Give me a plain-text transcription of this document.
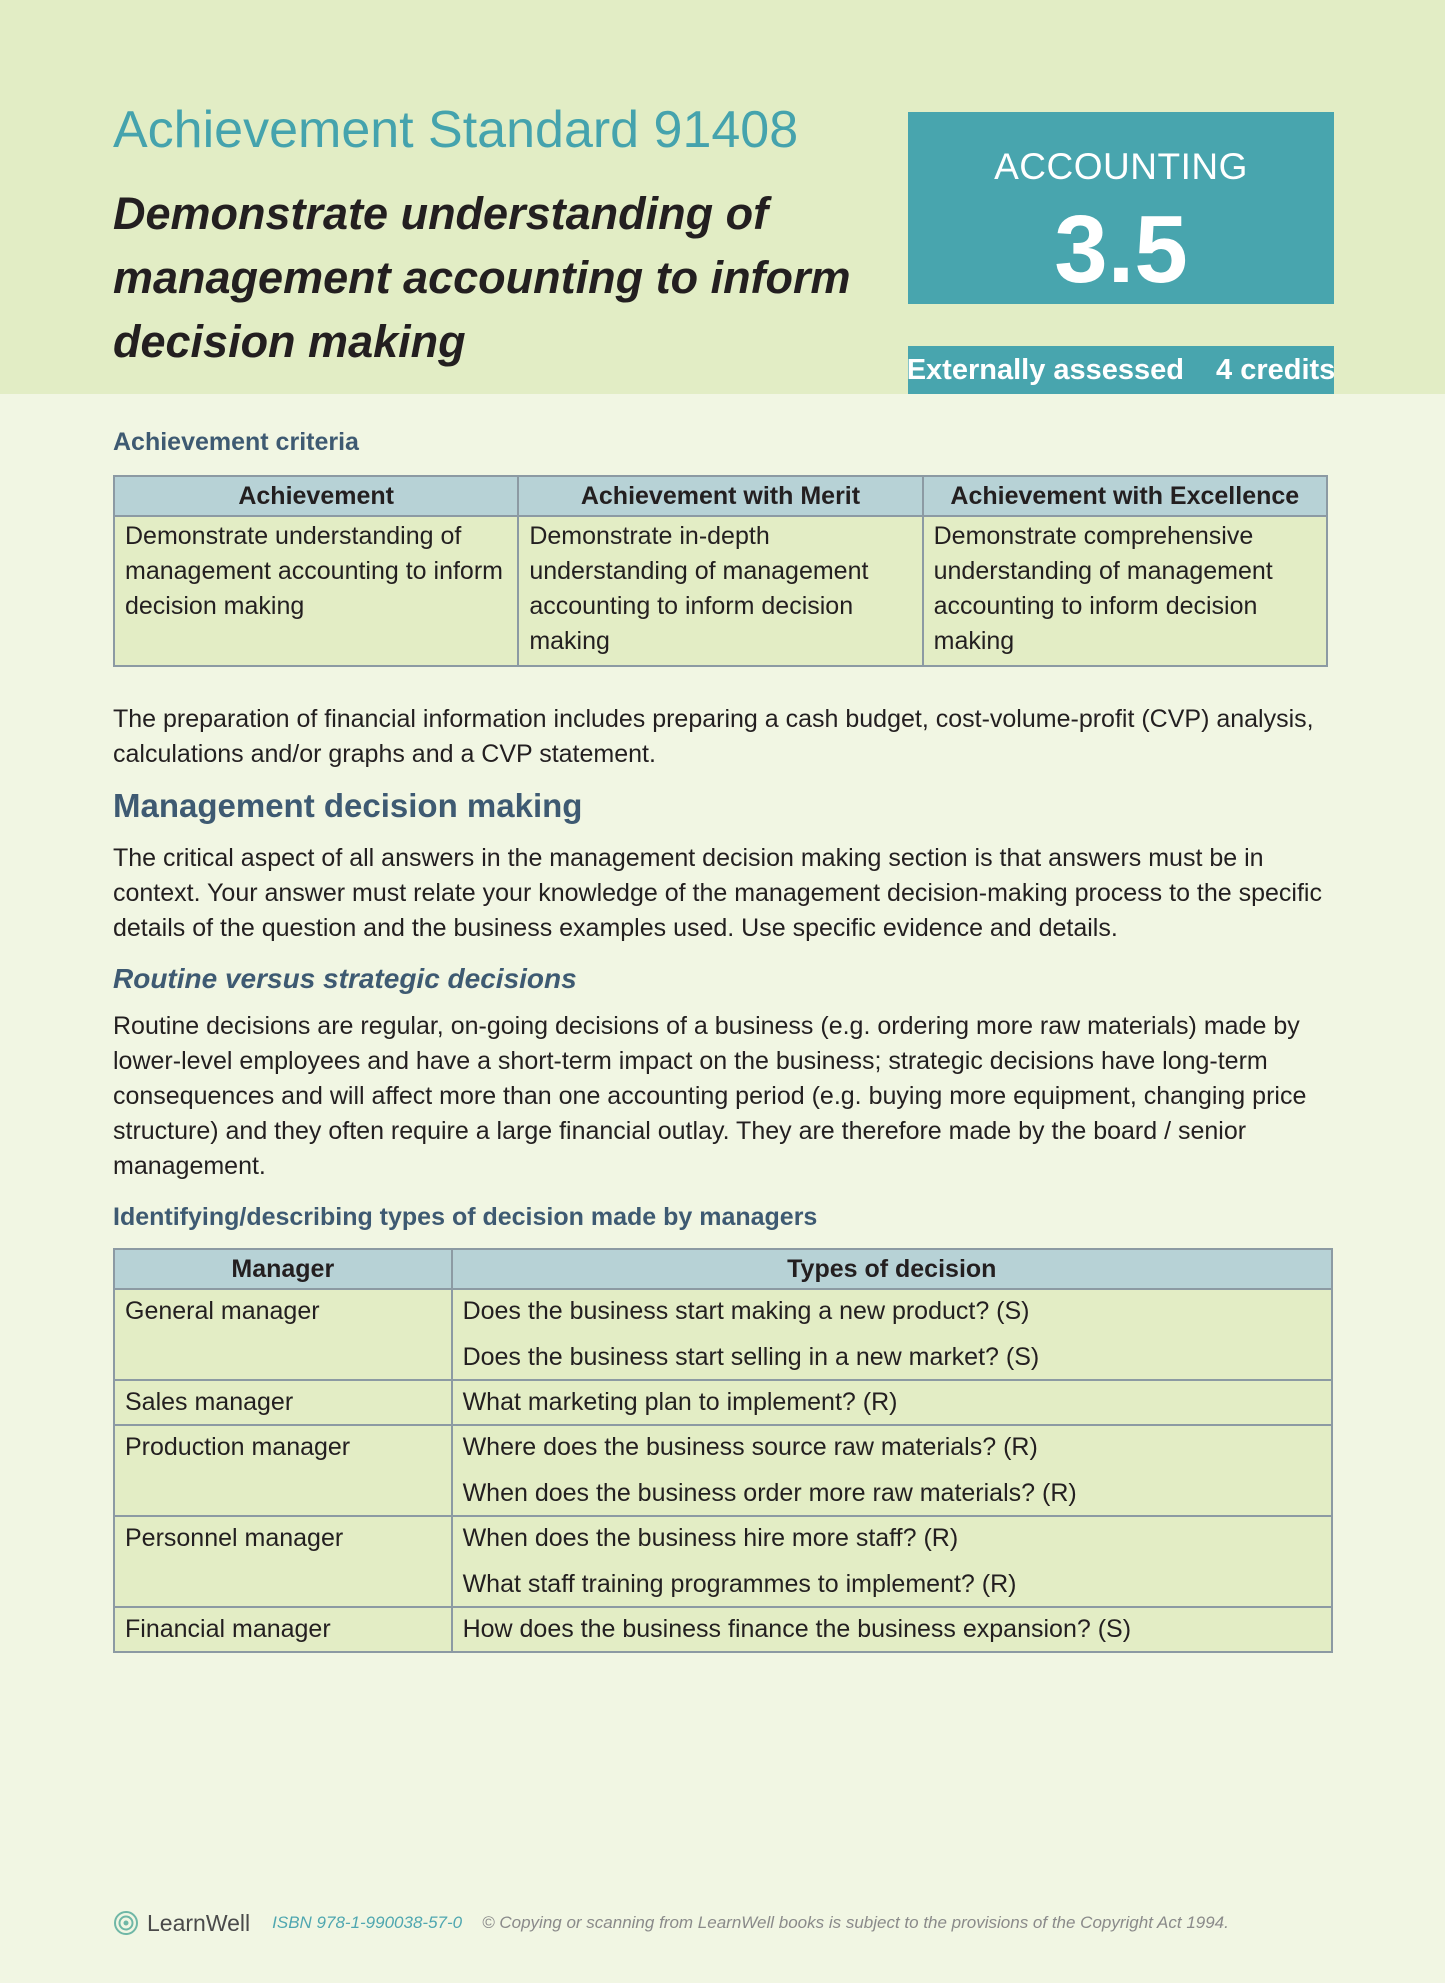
Achievement Standard 91408

Demonstrate understanding of management accounting to inform decision making

ACCOUNTING
3.5
Externally assessed 4 credits
Achievement criteria
Achievement	Achievement with Merit	Achievement with Excellence
Demonstrate understanding of management accounting to inform decision making	Demonstrate in-depth understanding of management accounting to inform decision making	Demonstrate comprehensive understanding of management accounting to inform decision making

The preparation of financial information includes preparing a cash budget, cost-volume-profit (CVP) analysis, calculations and/or graphs and a CVP statement.

Management decision making

The critical aspect of all answers in the management decision making section is that answers must be in context. Your answer must relate your knowledge of the management decision-making process to the specific details of the question and the business examples used. Use specific evidence and details.

Routine versus strategic decisions

Routine decisions are regular, on-going decisions of a business (e.g. ordering more raw materials) made by lower-level employees and have a short-term impact on the business; strategic decisions have long-term consequences and will affect more than one accounting period (e.g. buying more equipment, changing price structure) and they often require a large financial outlay. They are therefore made by the board / senior management.

Identifying/describing types of decision made by managers
Manager	Types of decision
General manager	Does the business start making a new product? (S)
Does the business start selling in a new market? (S)

Sales manager	What marketing plan to implement? (R)

Production manager	Where does the business source raw materials? (R)
When does the business order more raw materials? (R)

Personnel manager	When does the business hire more staff? (R)
What staff training programmes to implement? (R)

Financial manager	How does the business finance the business expansion? (S)
LearnWell ISBN 978-1-990038-57-0 © Copying or scanning from LearnWell books is subject to the provisions of the Copyright Act 1994.
